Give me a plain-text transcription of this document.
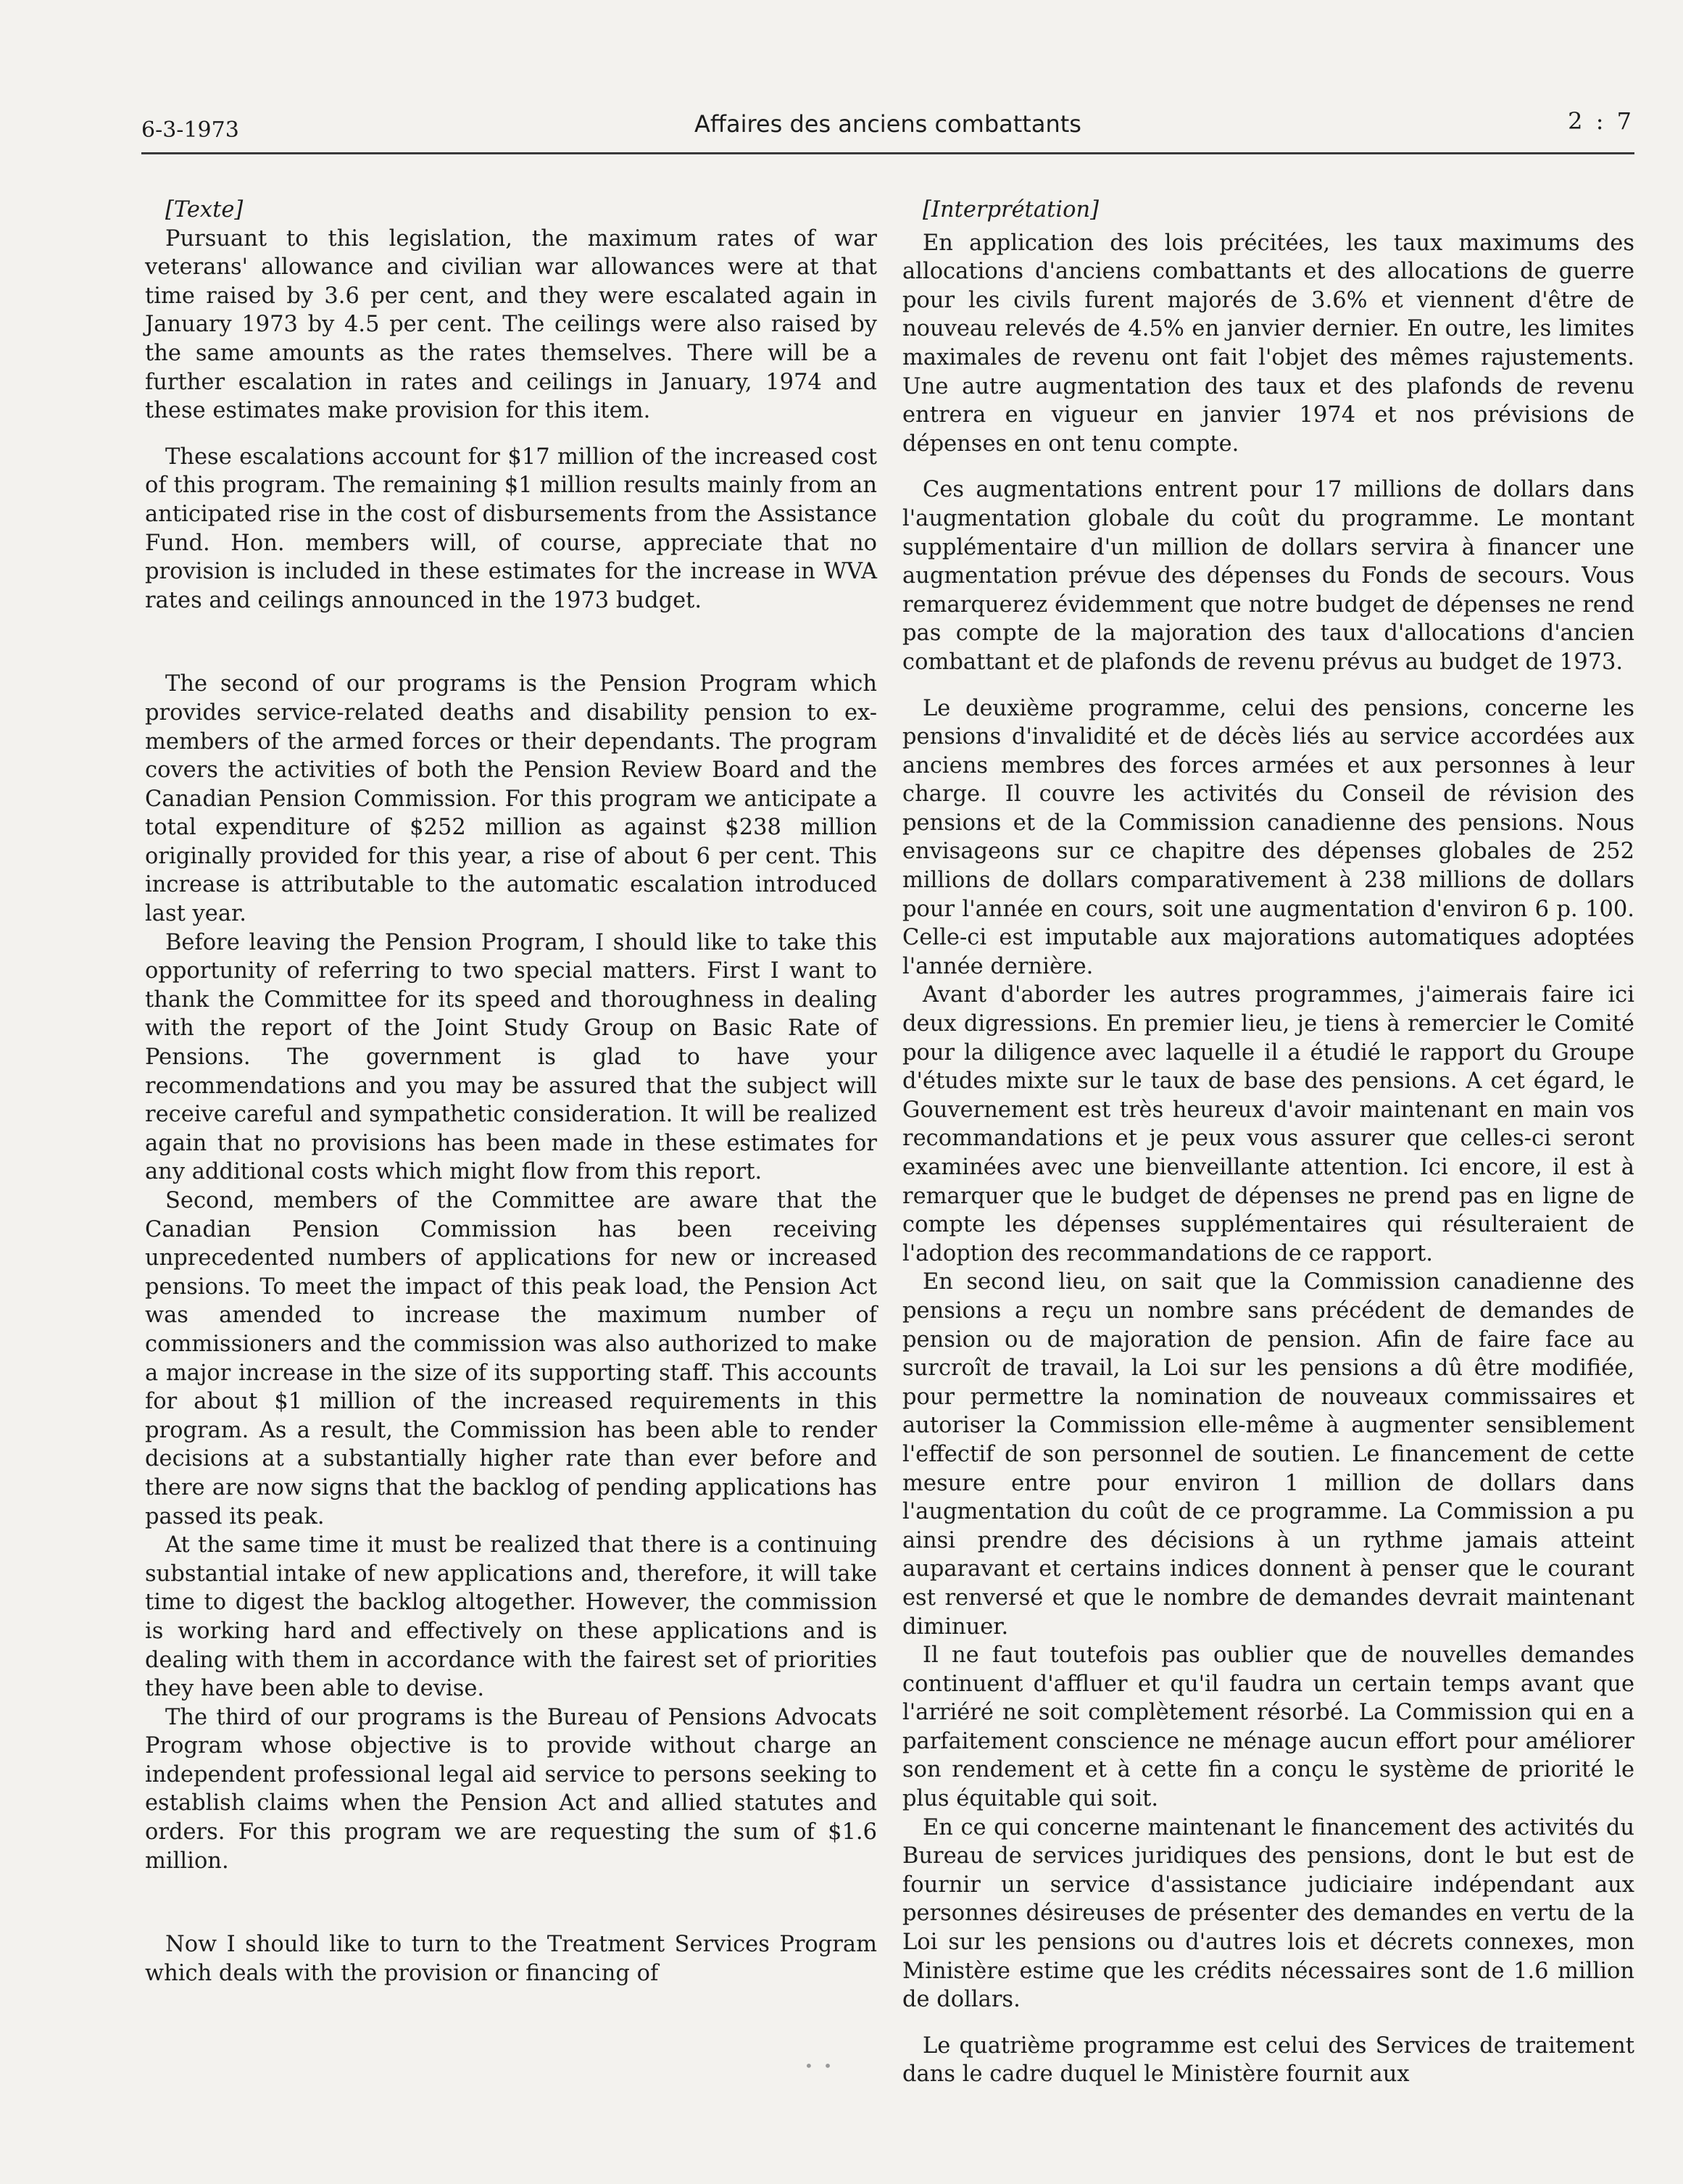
6-3-1973	Affaires des anciens combattants	2 : 7

[Texte]

Pursuant to this legislation, the maximum rates of war veterans' allowance and civilian war allowances were at that time raised by 3.6 per cent, and they were escalated again in January 1973 by 4.5 per cent. The ceilings were also raised by the same amounts as the rates themselves. There will be a further escalation in rates and ceilings in January, 1974 and these estimates make provision for this item.

These escalations account for $17 million of the increased cost of this program. The remaining $1 million results mainly from an anticipated rise in the cost of disbursements from the Assistance Fund. Hon. members will, of course, appreciate that no provision is included in these estimates for the increase in WVA rates and ceilings announced in the 1973 budget.

The second of our programs is the Pension Program which provides service-related deaths and disability pension to ex-members of the armed forces or their dependants. The program covers the activities of both the Pension Review Board and the Canadian Pension Commission. For this program we anticipate a total expenditure of $252 million as against $238 million originally provided for this year, a rise of about 6 per cent. This increase is attributable to the automatic escalation introduced last year.

Before leaving the Pension Program, I should like to take this opportunity of referring to two special matters. First I want to thank the Committee for its speed and thoroughness in dealing with the report of the Joint Study Group on Basic Rate of Pensions. The government is glad to have your recommendations and you may be assured that the subject will receive careful and sympathetic consideration. It will be realized again that no provisions has been made in these estimates for any additional costs which might flow from this report.

Second, members of the Committee are aware that the Canadian Pension Commission has been receiving unprecedented numbers of applications for new or increased pensions. To meet the impact of this peak load, the Pension Act was amended to increase the maximum number of commissioners and the commission was also authorized to make a major increase in the size of its supporting staff. This accounts for about $1 million of the increased requirements in this program. As a result, the Commission has been able to render decisions at a substantially higher rate than ever before and there are now signs that the backlog of pending applications has passed its peak.

At the same time it must be realized that there is a continuing substantial intake of new applications and, therefore, it will take time to digest the backlog altogether. However, the commission is working hard and effectively on these applications and is dealing with them in accordance with the fairest set of priorities they have been able to devise.

The third of our programs is the Bureau of Pensions Advocats Program whose objective is to provide without charge an independent professional legal aid service to persons seeking to establish claims when the Pension Act and allied statutes and orders. For this program we are requesting the sum of $1.6 million.

Now I should like to turn to the Treatment Services Program which deals with the provision or financing of

[Interprétation]

En application des lois précitées, les taux maximums des allocations d'anciens combattants et des allocations de guerre pour les civils furent majorés de 3.6% et viennent d'être de nouveau relevés de 4.5% en janvier dernier. En outre, les limites maximales de revenu ont fait l'objet des mêmes rajustements. Une autre augmentation des taux et des plafonds de revenu entrera en vigueur en janvier 1974 et nos prévisions de dépenses en ont tenu compte.

Ces augmentations entrent pour 17 millions de dollars dans l'augmentation globale du coût du programme. Le montant supplémentaire d'un million de dollars servira à financer une augmentation prévue des dépenses du Fonds de secours. Vous remarquerez évidemment que notre budget de dépenses ne rend pas compte de la majoration des taux d'allocations d'ancien combattant et de plafonds de revenu prévus au budget de 1973.

Le deuxième programme, celui des pensions, concerne les pensions d'invalidité et de décès liés au service accordées aux anciens membres des forces armées et aux personnes à leur charge. Il couvre les activités du Conseil de révision des pensions et de la Commission canadienne des pensions. Nous envisageons sur ce chapitre des dépenses globales de 252 millions de dollars comparativement à 238 millions de dollars pour l'année en cours, soit une augmentation d'environ 6 p. 100. Celle-ci est imputable aux majorations automatiques adoptées l'année dernière.

Avant d'aborder les autres programmes, j'aimerais faire ici deux digressions. En premier lieu, je tiens à remercier le Comité pour la diligence avec laquelle il a étudié le rapport du Groupe d'études mixte sur le taux de base des pensions. A cet égard, le Gouvernement est très heureux d'avoir maintenant en main vos recommandations et je peux vous assurer que celles-ci seront examinées avec une bienveillante attention. Ici encore, il est à remarquer que le budget de dépenses ne prend pas en ligne de compte les dépenses supplémentaires qui résulteraient de l'adoption des recommandations de ce rapport.

En second lieu, on sait que la Commission canadienne des pensions a reçu un nombre sans précédent de demandes de pension ou de majoration de pension. Afin de faire face au surcroît de travail, la Loi sur les pensions a dû être modifiée, pour permettre la nomination de nouveaux commissaires et autoriser la Commission elle-même à augmenter sensiblement l'effectif de son personnel de soutien. Le financement de cette mesure entre pour environ 1 million de dollars dans l'augmentation du coût de ce programme. La Commission a pu ainsi prendre des décisions à un rythme jamais atteint auparavant et certains indices donnent à penser que le courant est renversé et que le nombre de demandes devrait maintenant diminuer.

Il ne faut toutefois pas oublier que de nouvelles demandes continuent d'affluer et qu'il faudra un certain temps avant que l'arriéré ne soit complètement résorbé. La Commission qui en a parfaitement conscience ne ménage aucun effort pour améliorer son rendement et à cette fin a conçu le système de priorité le plus équitable qui soit.

En ce qui concerne maintenant le financement des activités du Bureau de services juridiques des pensions, dont le but est de fournir un service d'assistance judiciaire indépendant aux personnes désireuses de présenter des demandes en vertu de la Loi sur les pensions ou d'autres lois et décrets connexes, mon Ministère estime que les crédits nécessaires sont de 1.6 million de dollars.

Le quatrième programme est celui des Services de traitement dans le cadre duquel le Ministère fournit aux

• •
